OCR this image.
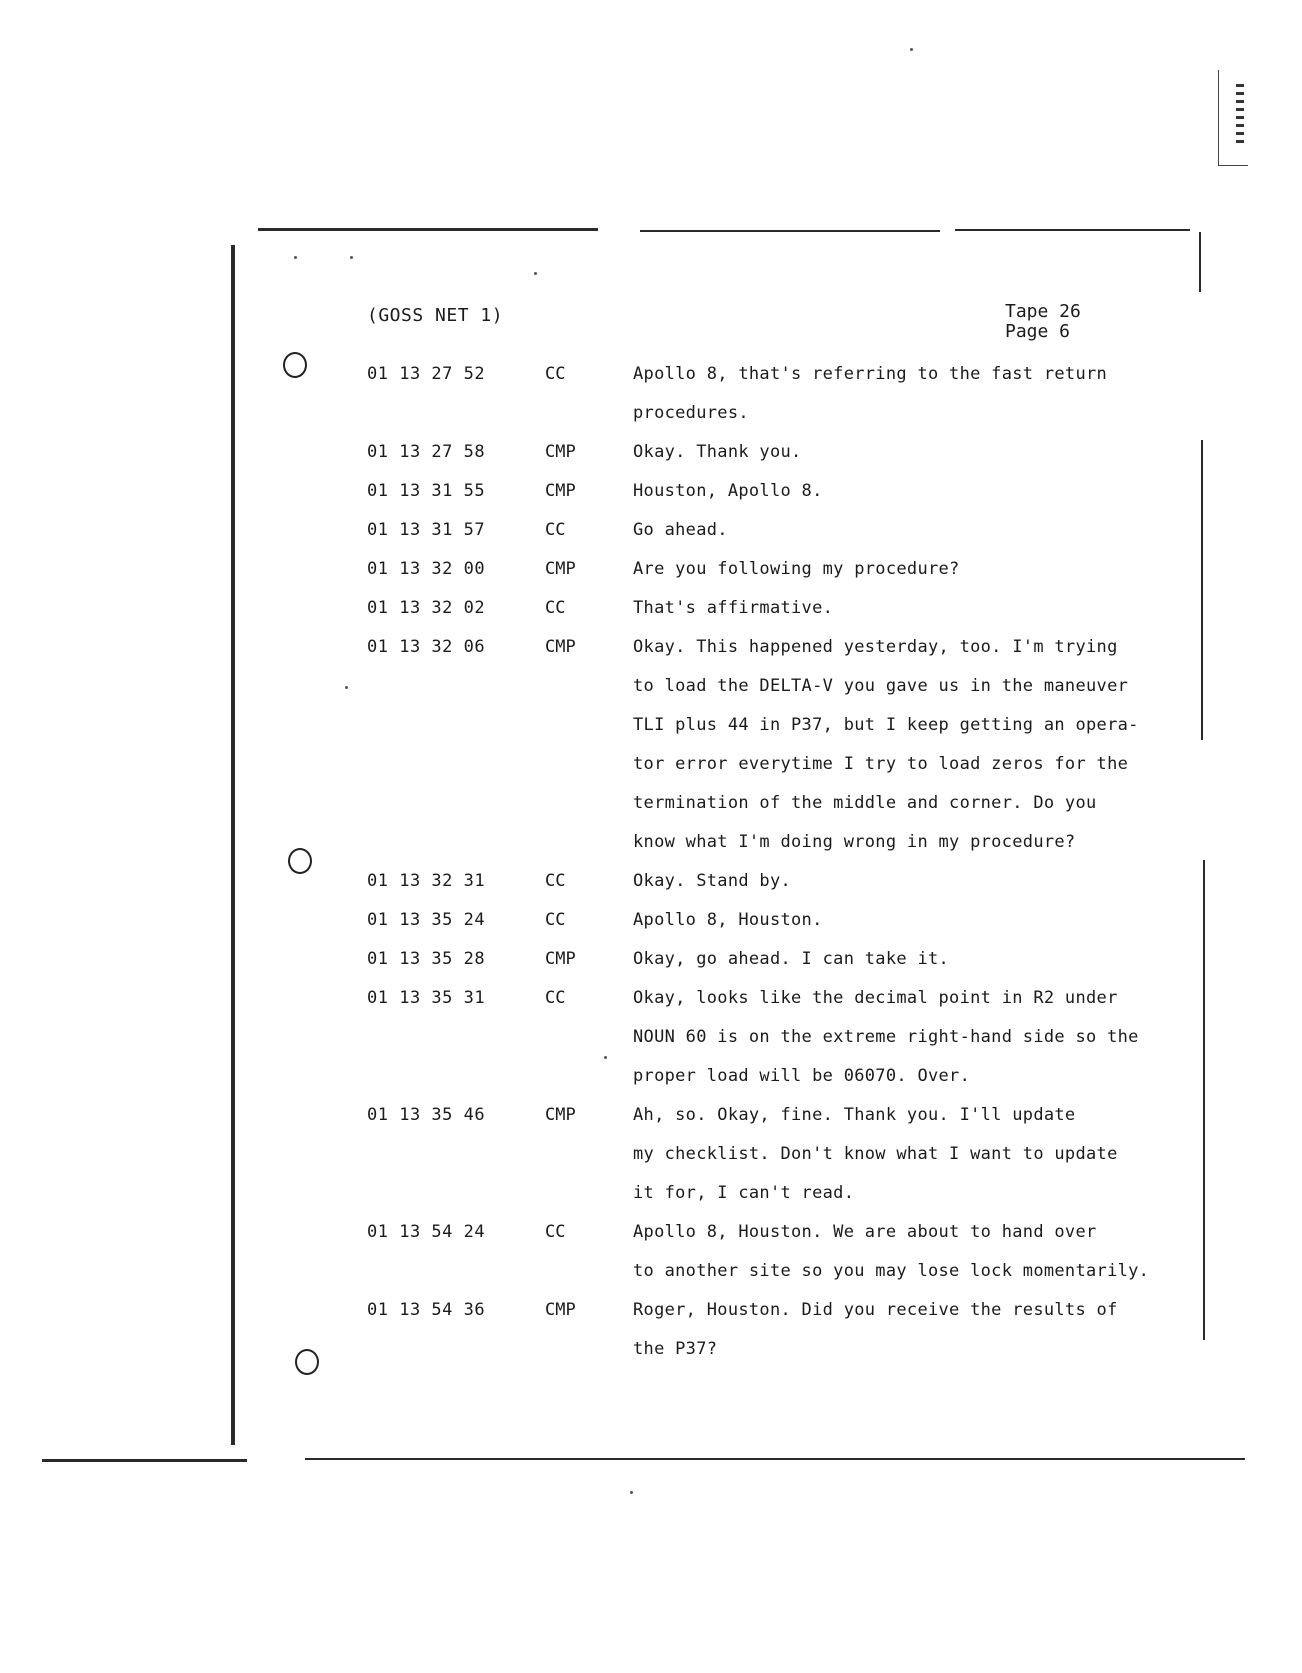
(GOSS NET 1)	Tape 26
Page 6
01 13 27 52	CC	Apollo 8, that's referring to the fast return
procedures.
01 13 27 58	CMP	Okay. Thank you.
01 13 31 55	CMP	Houston, Apollo 8.
01 13 31 57	CC	Go ahead.
01 13 32 00	CMP	Are you following my procedure?
01 13 32 02	CC	That's affirmative.
01 13 32 06	CMP	Okay. This happened yesterday, too. I'm trying
to load the DELTA-V you gave us in the maneuver
TLI plus 44 in P37, but I keep getting an opera-
tor error everytime I try to load zeros for the
termination of the middle and corner. Do you
know what I'm doing wrong in my procedure?
01 13 32 31	CC	Okay. Stand by.
01 13 35 24	CC	Apollo 8, Houston.
01 13 35 28	CMP	Okay, go ahead. I can take it.
01 13 35 31	CC	Okay, looks like the decimal point in R2 under
NOUN 60 is on the extreme right-hand side so the
proper load will be 06070. Over.
01 13 35 46	CMP	Ah, so. Okay, fine. Thank you. I'll update
my checklist. Don't know what I want to update
it for, I can't read.
01 13 54 24	CC	Apollo 8, Houston. We are about to hand over
to another site so you may lose lock momentarily.
01 13 54 36	CMP	Roger, Houston. Did you receive the results of
the P37?
